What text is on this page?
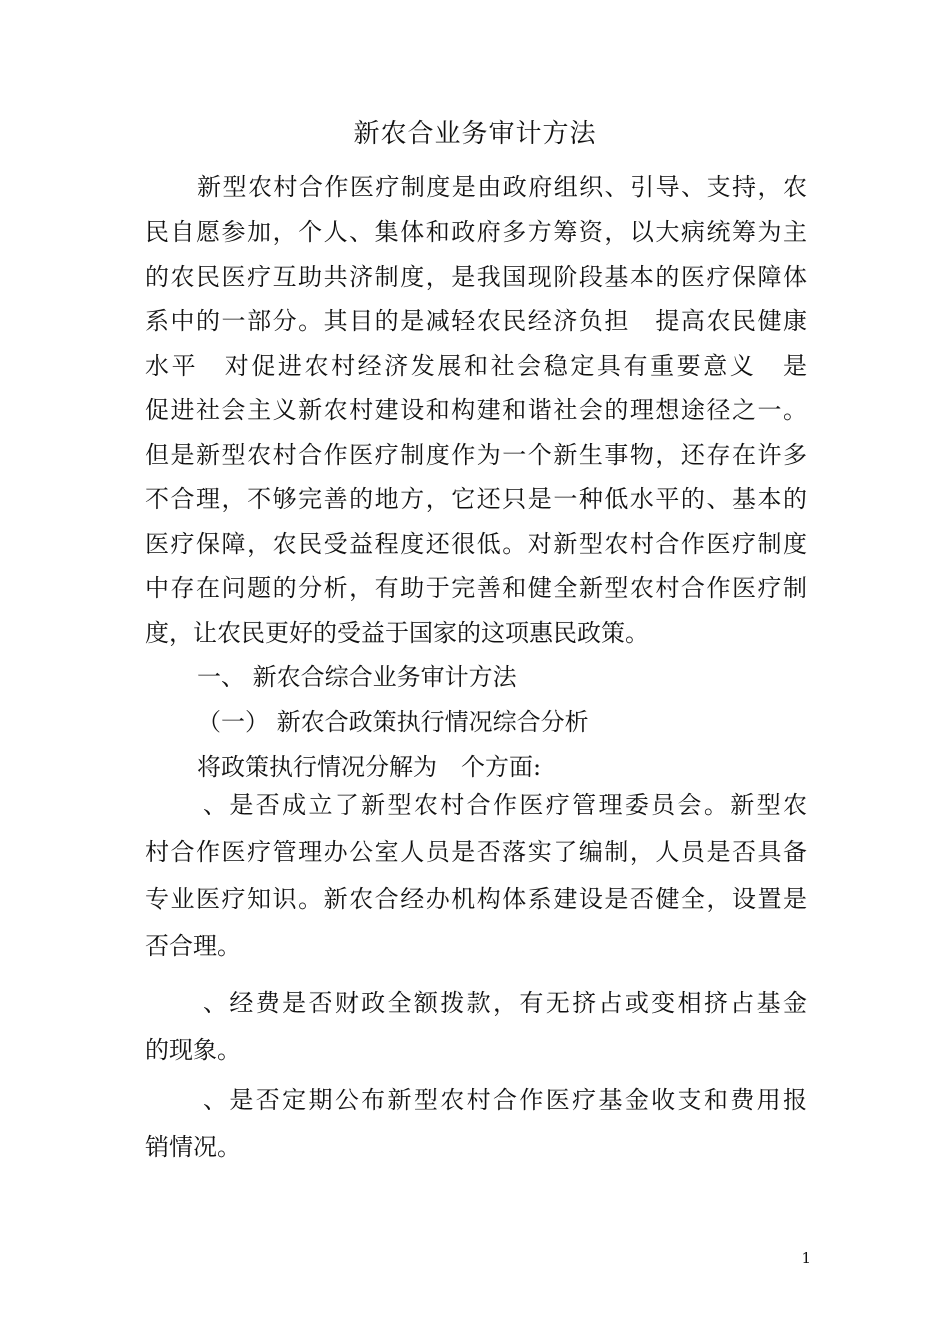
新农合业务审计方法
新型农村合作医疗制度是由政府组织、引导、支持，农
民自愿参加，个人、集体和政府多方筹资，以大病统筹为主
的农民医疗互助共济制度，是我国现阶段基本的医疗保障体
系中的一部分。其目的是减轻农民经济负担　提高农民健康
水平　对促进农村经济发展和社会稳定具有重要意义　是
促进社会主义新农村建设和构建和谐社会的理想途径之一。
但是新型农村合作医疗制度作为一个新生事物，还存在许多
不合理，不够完善的地方，它还只是一种低水平的、基本的
医疗保障，农民受益程度还很低。对新型农村合作医疗制度
中存在问题的分析，有助于完善和健全新型农村合作医疗制
度，让农民更好的受益于国家的这项惠民政策。
一、 新农合综合业务审计方法
（一） 新农合政策执行情况综合分析
将政策执行情况分解为　个方面:
、是否成立了新型农村合作医疗管理委员会。新型农
村合作医疗管理办公室人员是否落实了编制，人员是否具备
专业医疗知识。新农合经办机构体系建设是否健全，设置是
否合理。
、经费是否财政全额拨款，有无挤占或变相挤占基金
的现象。
、是否定期公布新型农村合作医疗基金收支和费用报
销情况。
1
